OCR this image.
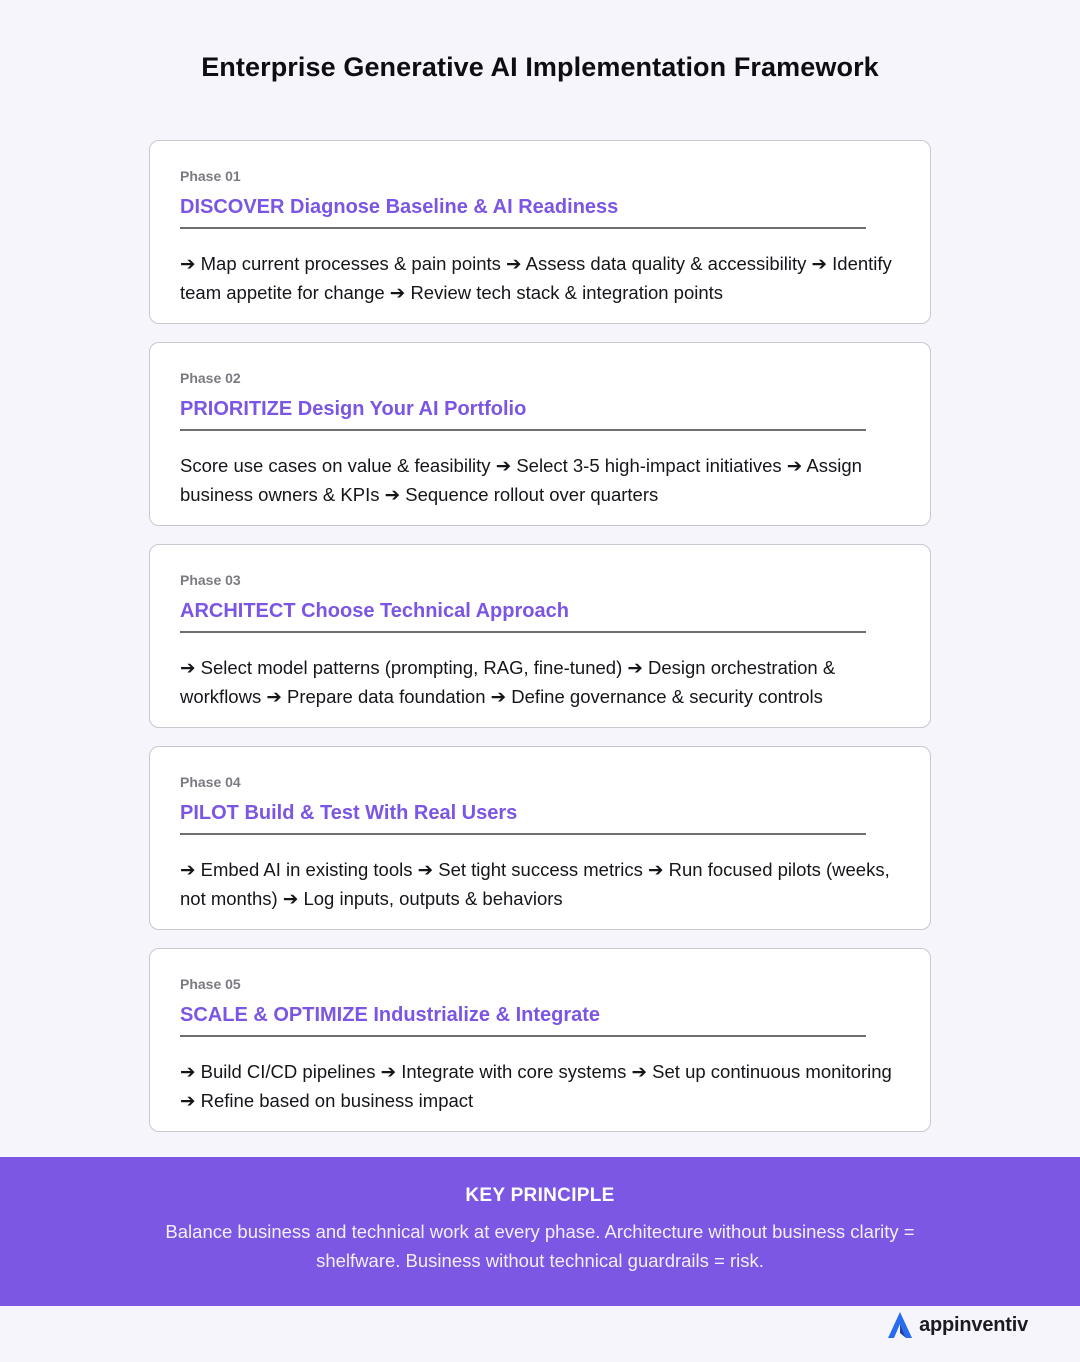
Enterprise Generative AI Implementation Framework
Phase 01
DISCOVER Diagnose Baseline & AI Readiness
➔ Map current processes & pain points ➔ Assess data quality & accessibility ➔ Identify team appetite for change ➔ Review tech stack & integration points
Phase 02
PRIORITIZE Design Your AI Portfolio
Score use cases on value & feasibility ➔ Select 3-5 high-impact initiatives ➔ Assign business owners & KPIs ➔ Sequence rollout over quarters
Phase 03
ARCHITECT Choose Technical Approach
➔ Select model patterns (prompting, RAG, fine-tuned) ➔ Design orchestration & workflows ➔ Prepare data foundation ➔ Define governance & security controls
Phase 04
PILOT Build & Test With Real Users
➔ Embed AI in existing tools ➔ Set tight success metrics ➔ Run focused pilots (weeks, not months) ➔ Log inputs, outputs & behaviors
Phase 05
SCALE & OPTIMIZE Industrialize & Integrate
➔ Build CI/CD pipelines ➔ Integrate with core systems ➔ Set up continuous monitoring ➔ Refine based on business impact
KEY PRINCIPLE
Balance business and technical work at every phase. Architecture without business clarity = shelfware. Business without technical guardrails = risk.
appinventiv
